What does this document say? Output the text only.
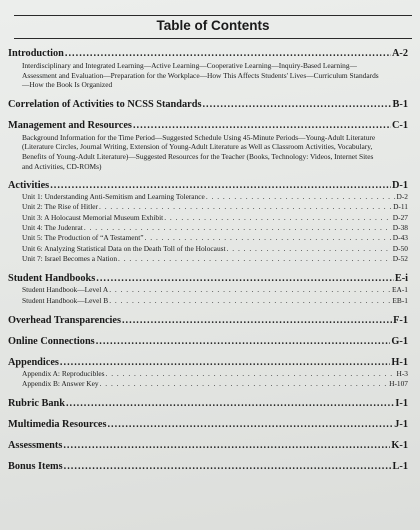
Table of Contents
Introduction .....	A-2
Interdisciplinary and Integrated Learning—Active Learning—Cooperative Learning—Inquiry-Based Learning—Assessment and Evaluation—Preparation for the Workplace—How This Affects Students' Lives—Curriculum Standards—How the Book Is Organized
Correlation of Activities to NCSS Standards .....	B-1
Management and Resources .....	C-1
Background Information for the Time Period—Suggested Schedule Using 45-Minute Periods—Young-Adult Literature (Literature Circles, Journal Writing, Extension of Young-Adult Literature as Well as Classroom Activities, Vocabulary, Benefits of Young-Adult Literature)—Suggested Resources for the Teacher (Books, Technology: Videos, Internet Sites and Activities, CD-ROMs)
Activities .....	D-1
Unit 1: Understanding Anti-Semitism and Learning Tolerance . . .	D-2
Unit 2: The Rise of Hitler . . .	D-11
Unit 3: A Holocaust Memorial Museum Exhibit . . .	D-27
Unit 4: The Judenrat . . .	D-38
Unit 5: The Production of “A Testament” . . .	D-43
Unit 6: Analyzing Statistical Data on the Death Toll of the Holocaust . . .	D-50
Unit 7: Israel Becomes a Nation . . .	D-52
Student Handbooks .....	E-i
Student Handbook—Level A . . .	EA-1
Student Handbook—Level B . . .	EB-1
Overhead Transparencies .....	F-1
Online Connections .....	G-1
Appendices .....	H-1
Appendix A: Reproducibles . . .	H-3
Appendix B: Answer Key . . .	H-107
Rubric Bank .....	I-1
Multimedia Resources .....	J-1
Assessments .....	K-1
Bonus Items .....	L-1
